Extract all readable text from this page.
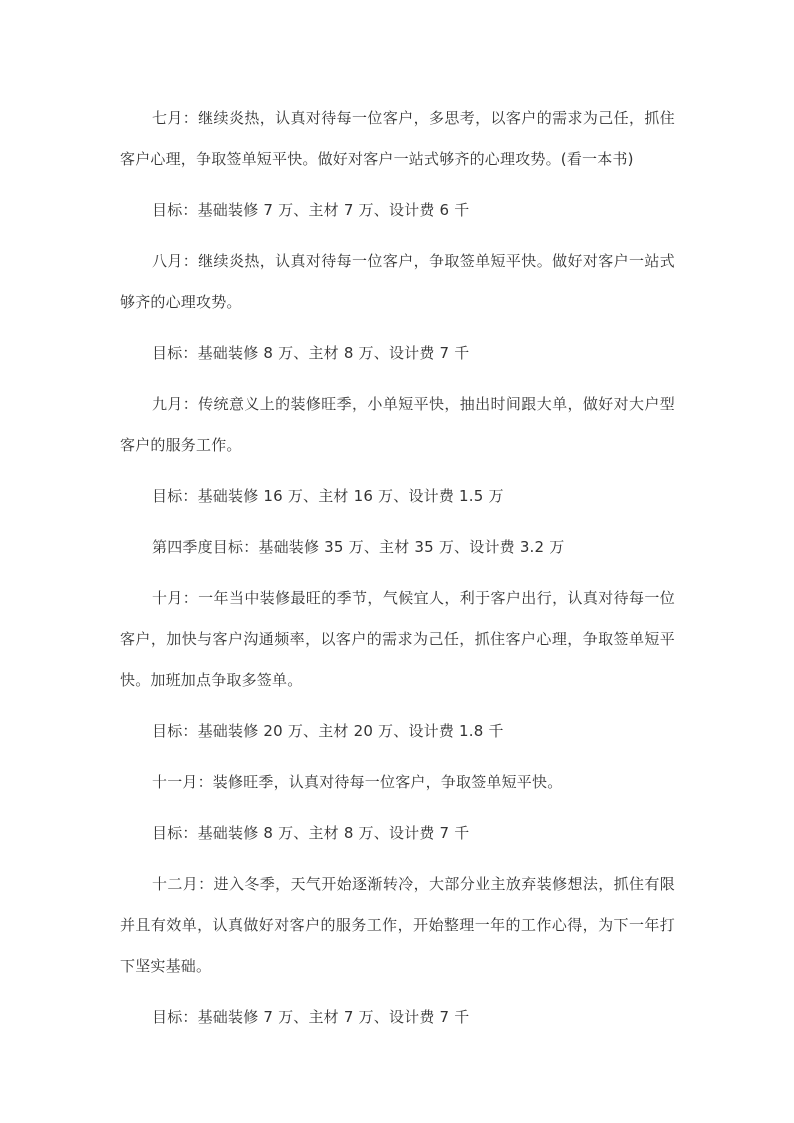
七月：继续炎热，认真对待每一位客户，多思考，以客户的需求为己任，抓住客户心理，争取签单短平快。做好对客户一站式够齐的心理攻势。(看一本书)

目标：基础装修 7 万、主材 7 万、设计费 6 千

八月：继续炎热，认真对待每一位客户，争取签单短平快。做好对客户一站式够齐的心理攻势。

目标：基础装修 8 万、主材 8 万、设计费 7 千

九月：传统意义上的装修旺季，小单短平快，抽出时间跟大单，做好对大户型客户的服务工作。

目标：基础装修 16 万、主材 16 万、设计费 1.5 万

第四季度目标：基础装修 35 万、主材 35 万、设计费 3.2 万

十月：一年当中装修最旺的季节，气候宜人，利于客户出行，认真对待每一位客户，加快与客户沟通频率，以客户的需求为己任，抓住客户心理，争取签单短平快。加班加点争取多签单。

目标：基础装修 20 万、主材 20 万、设计费 1.8 千

十一月：装修旺季，认真对待每一位客户，争取签单短平快。

目标：基础装修 8 万、主材 8 万、设计费 7 千

十二月：进入冬季，天气开始逐渐转冷，大部分业主放弃装修想法，抓住有限并且有效单，认真做好对客户的服务工作，开始整理一年的工作心得，为下一年打下坚实基础。

目标：基础装修 7 万、主材 7 万、设计费 7 千
